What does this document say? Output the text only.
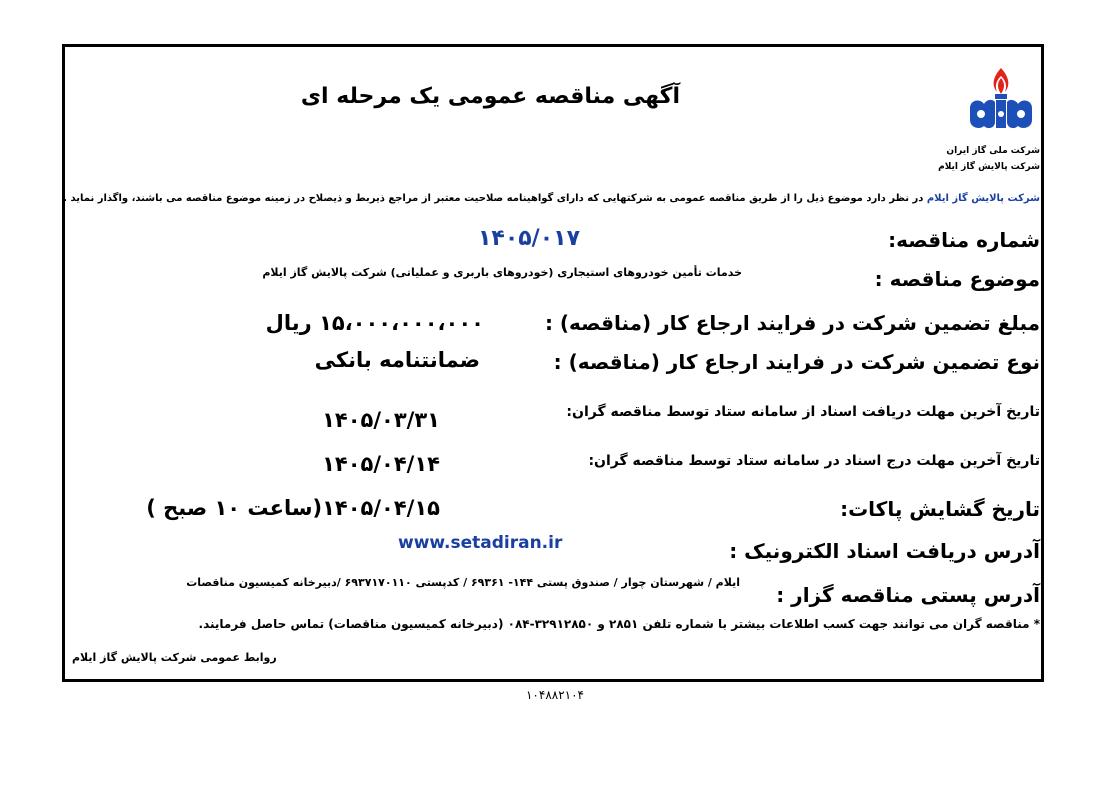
آگهی مناقصه عمومی یک مرحله ای
شرکت ملی گاز ایران
شرکت پالایش گاز ایلام
شرکت پالایش گاز ایلام در نظر دارد موضوع ذیل را از طریق مناقصه عمومی به شرکتهایی که دارای گواهینامه صلاحیت معتبر از مراجع ذیربط و ذیصلاح در زمینه موضوع مناقصه می باشند، واگذار نماید .
شماره مناقصه:
۱۴۰۵/۰۱۷
موضوع مناقصه :
خدمات تأمین خودروهای استیجاری (خودروهای باربری و عملیاتی) شرکت پالایش گاز ایلام
مبلغ تضمین شرکت در فرایند ارجاع کار (مناقصه) :
۱۵،۰۰۰،۰۰۰،۰۰۰ ریال
نوع تضمین شرکت در فرایند ارجاع کار (مناقصه) :
ضمانتنامه بانکی
تاریخ آخرین مهلت دریافت اسناد از سامانه ستاد توسط مناقصه گران:
۱۴۰۵/۰۳/۳۱
تاریخ آخرین مهلت درج اسناد در سامانه ستاد توسط مناقصه گران:
۱۴۰۵/۰۴/۱۴
تاریخ گشایش پاکات:
۱۴۰۵/۰۴/۱۵(ساعت ۱۰ صبح )
آدرس دریافت اسناد الکترونیک :
www.setadiran.ir
آدرس پستی مناقصه گزار :
ایلام / شهرستان چوار / صندوق پستی ۱۴۴- ۶۹۳۶۱ / کدپستی ۶۹۳۷۱۷۰۱۱۰ /دبیرخانه کمیسیون مناقصات
* مناقصه گران می توانند جهت کسب اطلاعات بیشتر با شماره تلفن ۲۸۵۱ و ۳۲۹۱۲۸۵۰-۰۸۴ (دبیرخانه کمیسیون مناقصات) تماس حاصل فرمایند.
روابط عمومی شرکت پالایش گاز ایلام
۱۰۴۸۸۲۱۰۴
